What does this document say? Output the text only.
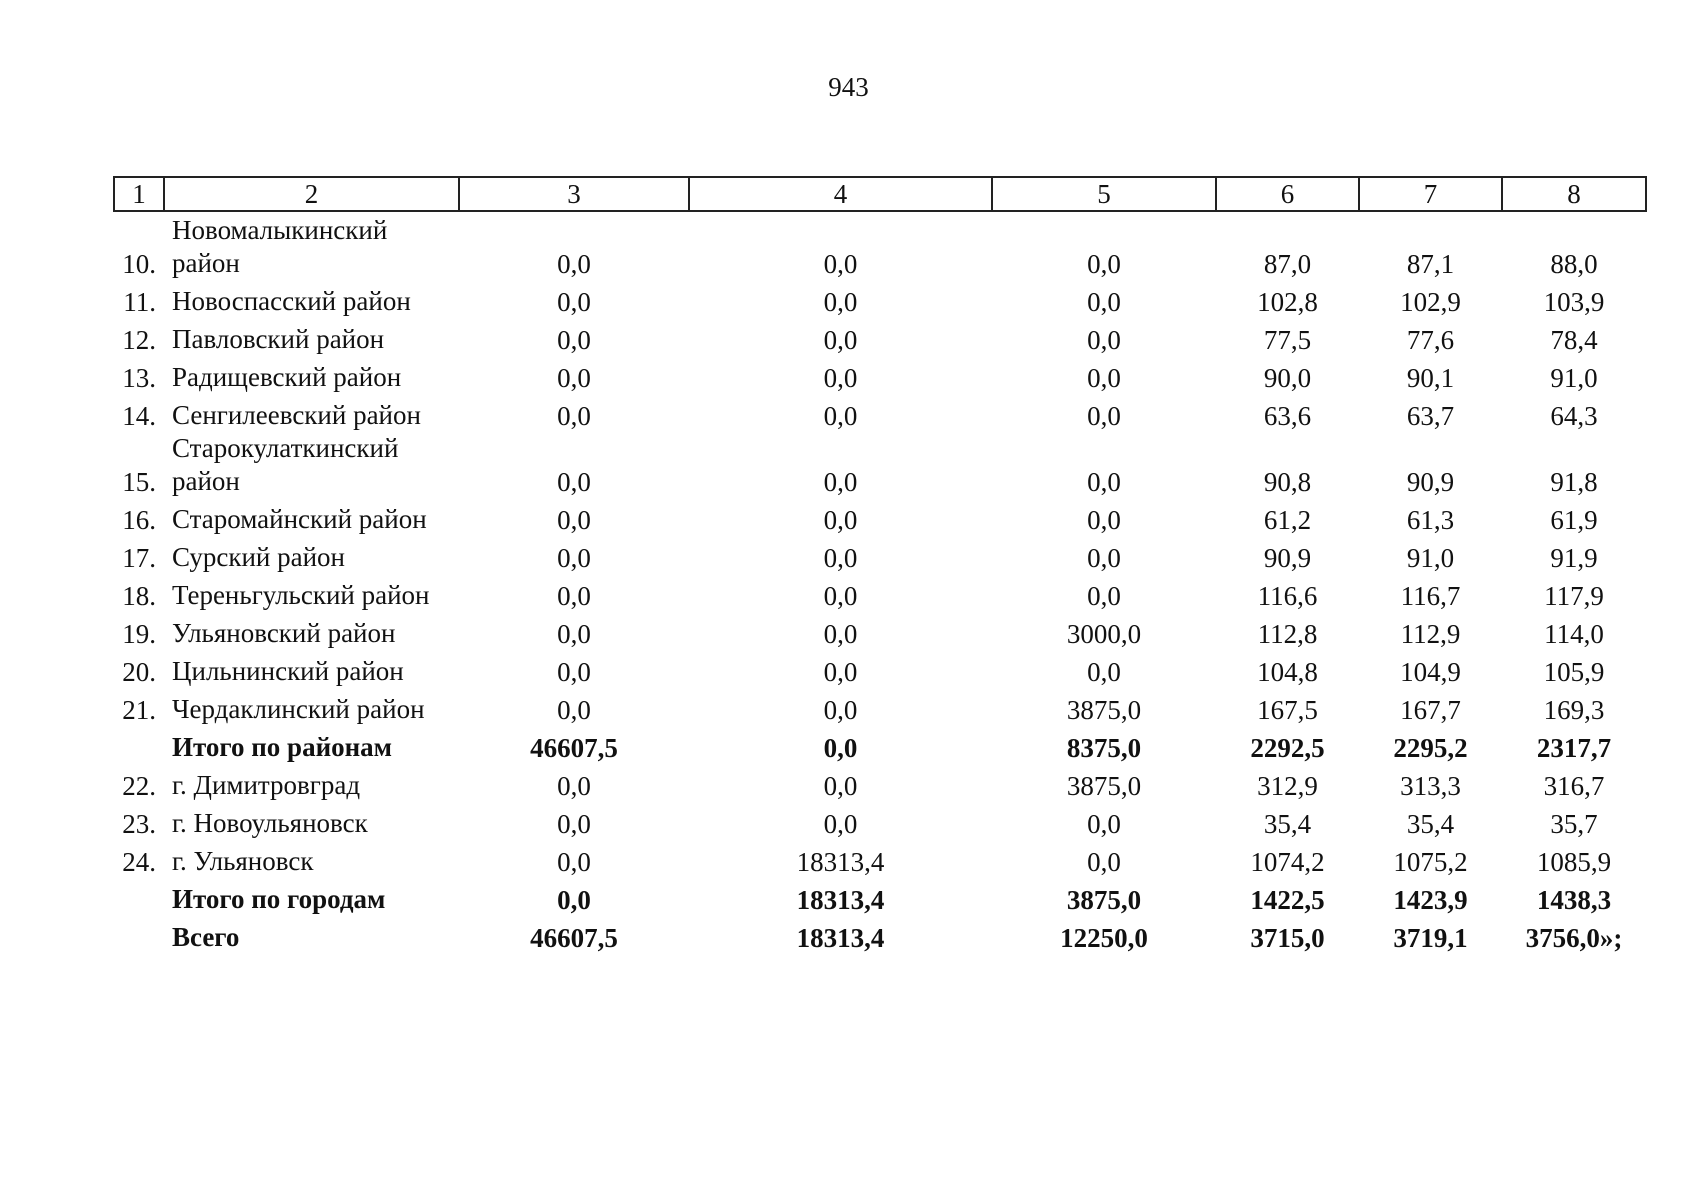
943
1	2	3	4	5	6	7	8
10.	Новомалыкинский район	0,0	0,0	0,0	87,0	87,1	88,0
11.	Новоспасский район	0,0	0,0	0,0	102,8	102,9	103,9
12.	Павловский район	0,0	0,0	0,0	77,5	77,6	78,4
13.	Радищевский район	0,0	0,0	0,0	90,0	90,1	91,0
14.	Сенгилеевский район	0,0	0,0	0,0	63,6	63,7	64,3
15.	Старокулаткинский район	0,0	0,0	0,0	90,8	90,9	91,8
16.	Старомайнский район	0,0	0,0	0,0	61,2	61,3	61,9
17.	Сурский район	0,0	0,0	0,0	90,9	91,0	91,9
18.	Тереньгульский район	0,0	0,0	0,0	116,6	116,7	117,9
19.	Ульяновский район	0,0	0,0	3000,0	112,8	112,9	114,0
20.	Цильнинский район	0,0	0,0	0,0	104,8	104,9	105,9
21.	Чердаклинский район	0,0	0,0	3875,0	167,5	167,7	169,3
	Итого по районам	46607,5	0,0	8375,0	2292,5	2295,2	2317,7
22.	г. Димитровград	0,0	0,0	3875,0	312,9	313,3	316,7
23.	г. Новоульяновск	0,0	0,0	0,0	35,4	35,4	35,7
24.	г. Ульяновск	0,0	18313,4	0,0	1074,2	1075,2	1085,9
	Итого по городам	0,0	18313,4	3875,0	1422,5	1423,9	1438,3
	Всего	46607,5	18313,4	12250,0	3715,0	3719,1	3756,0»;
